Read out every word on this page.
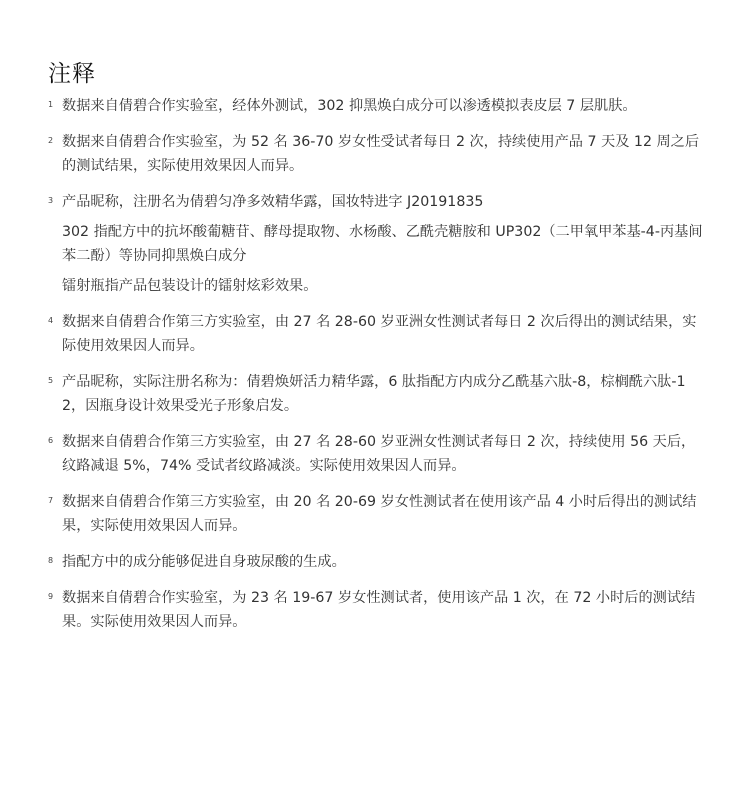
注释
1 数据来自倩碧合作实验室，经体外测试，302 抑黑焕白成分可以渗透模拟表皮层 7 层肌肤。

2 数据来自倩碧合作实验室，为 52 名 36-70 岁女性受试者每日 2 次，持续使用产品 7 天及 12 周之后的测试结果，实际使用效果因人而异。

3 产品昵称，注册名为倩碧匀净多效精华露，国妆特进字 J20191835

302 指配方中的抗坏酸葡糖苷、酵母提取物、水杨酸、乙酰壳糖胺和 UP302（二甲氧甲苯基-4-丙基间苯二酚）等协同抑黑焕白成分

镭射瓶指产品包装设计的镭射炫彩效果。

4 数据来自倩碧合作第三方实验室，由 27 名 28-60 岁亚洲女性测试者每日 2 次后得出的测试结果，实际使用效果因人而异。

5 产品昵称，实际注册名称为：倩碧焕妍活力精华露，6 肽指配方内成分乙酰基六肽-8，棕榈酰六肽-12，因瓶身设计效果受光子形象启发。

6 数据来自倩碧合作第三方实验室，由 27 名 28-60 岁亚洲女性测试者每日 2 次，持续使用 56 天后，纹路减退 5%，74% 受试者纹路减淡。实际使用效果因人而异。

7 数据来自倩碧合作第三方实验室，由 20 名 20-69 岁女性测试者在使用该产品 4 小时后得出的测试结果，实际使用效果因人而异。

8 指配方中的成分能够促进自身玻尿酸的生成。

9 数据来自倩碧合作实验室，为 23 名 19-67 岁女性测试者，使用该产品 1 次，在 72 小时后的测试结果。实际使用效果因人而异。
